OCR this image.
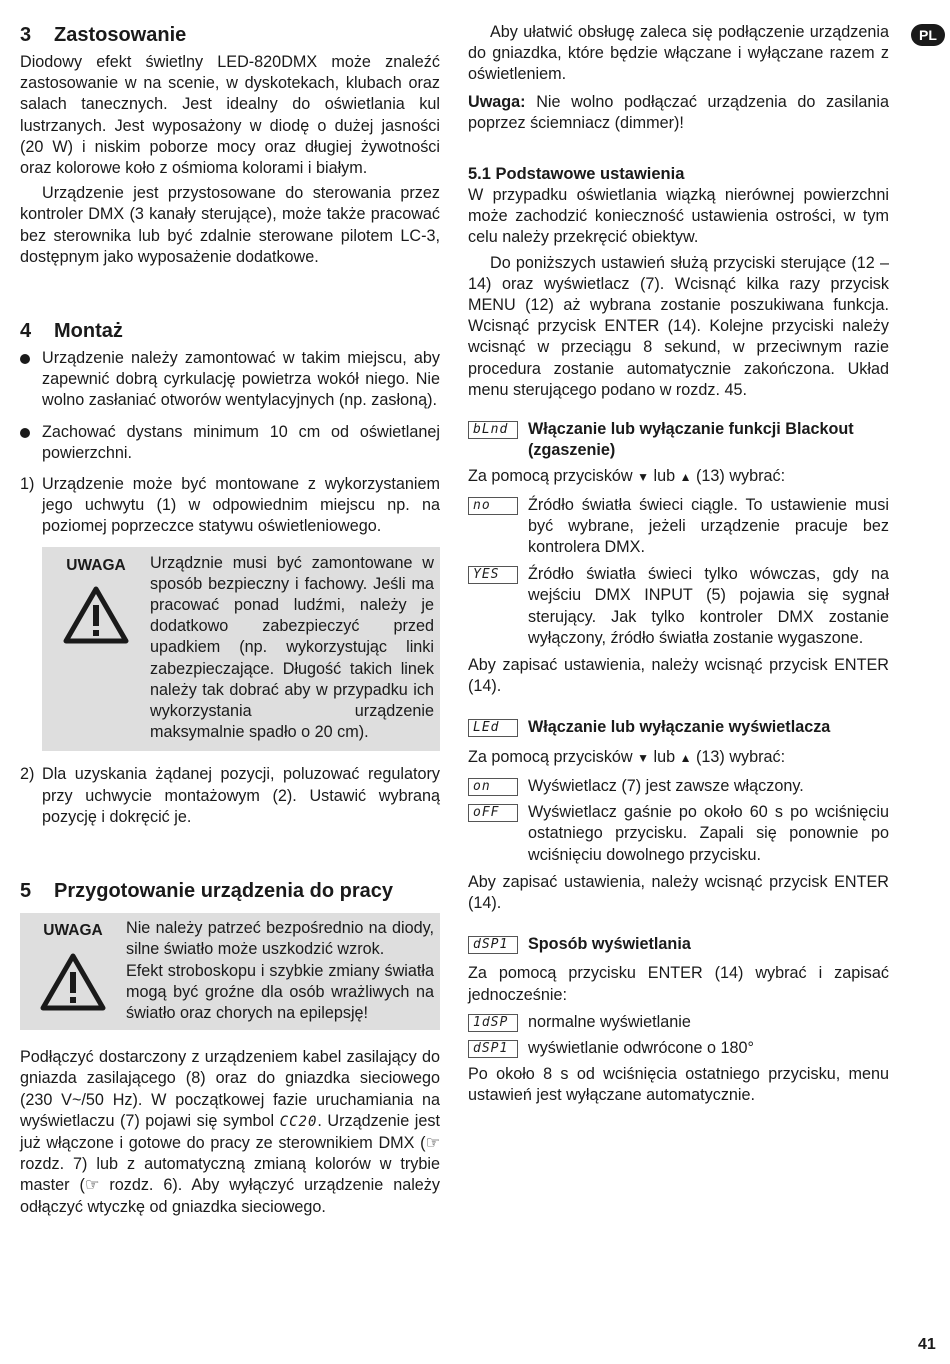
PL
41
3	Zastosowanie

Diodowy efekt świetlny LED-820DMX może znaleźć zastosowanie w na scenie, w dyskotekach, klubach oraz salach tanecznych. Jest idealny do oświetlania kul lustrzanych. Jest wyposażony w diodę o dużej jasności (20 W) i niskim poborze mocy oraz długiej żywotności oraz kolorowe koło z ośmioma kolorami i białym.

Urządzenie jest przystosowane do sterowania przez kontroler DMX (3 kanały sterujące), może także pracować bez sterownika lub być zdalnie sterowane pilotem LC-3, dostępnym jako wyposażenie dodatkowe.

4	Montaż
Urządzenie należy zamontować w takim miejscu, aby zapewnić dobrą cyrkulację powietrza wokół niego. Nie wolno zasłaniać otworów wentylacyjnych (np. zasłoną).
Zachować dystans minimum 10 cm od oświetlanej powierzchni.
1) Urządzenie może być montowane z wykorzystaniem jego uchwytu (1) w odpowiednim miejscu np. na poziomej poprzeczce statywu oświetleniowego.
UWAGA Urządznie musi być zamontowane w sposób bezpieczny i fachowy. Jeśli ma pracować ponad ludźmi, należy je dodatkowo zabezpieczyć przed upadkiem (np. wykorzystując linki zabezpieczające. Długość takich linek należy tak dobrać aby w przypadku ich wykorzystania urządzenie maksymalnie spadło o 20 cm).
2) Dla uzyskania żądanej pozycji, poluzować regulatory przy uchwycie montażowym (2). Ustawić wybraną pozycję i dokręcić je.
5	Przygotowanie urządzenia do pracy
UWAGA Nie należy patrzeć bezpośrednio na diody, silne światło może uszkodzić wzrok.

Efekt stroboskopu i szybkie zmiany światła mogą być groźne dla osób wrażliwych na światło oraz chorych na epilepsję!

Podłączyć dostarczony z urządzeniem kabel zasilający do gniazda zasilającego (8) oraz do gniazdka sieciowego (230 V~/50 Hz). W początkowej fazie uruchamiania na wyświetlaczu (7) pojawi się symbol CC20. Urządzenie jest już włączone i gotowe do pracy ze sterownikiem DMX (☞ rozdz. 7) lub z automatyczną zmianą kolorów w trybie master (☞ rozdz. 6). Aby wyłączyć urządzenie należy odłączyć wtyczkę od gniazdka sieciowego.

Aby ułatwić obsługę zaleca się podłączenie urządzenia do gniazdka, które będzie włączane i wyłączane razem z oświetleniem.

Uwaga: Nie wolno podłączać urządzenia do zasilania poprzez ściemniacz (dimmer)!

5.1 Podstawowe ustawienia

W przypadku oświetlania wiązką nierównej powierzchni może zachodzić konieczność ustawienia ostrości, w tym celu należy przekręcić obiektyw.

Do poniższych ustawień służą przyciski sterujące (12 – 14) oraz wyświetlacz (7). Wcisnąć kilka razy przycisk MENU (12) aż wybrana zostanie poszukiwana funkcja. Wcisnąć przycisk ENTER (14). Kolejne przyciski należy wcisnąć w przeciągu 8 sekund, w przeciwnym razie procedura zostanie automatycznie zakończona. Układ menu sterującego podano w rozdz. 45.

bLnd	Włączanie lub wyłączanie funkcji Blackout (zgaszenie)

Za pomocą przycisków ▼ lub ▲ (13) wybrać:

no	Źródło światła świeci ciągle. To ustawienie musi być wybrane, jeżeli urządzenie pracuje bez kontrolera DMX.
YES	Źródło światła świeci tylko wówczas, gdy na wejściu DMX INPUT (5) pojawia się sygnał sterujący. Jak tylko kontroler DMX zostanie wyłączony, źródło światła zostanie wygaszone.

Aby zapisać ustawienia, należy wcisnąć przycisk ENTER (14).

LEd	Włączanie lub wyłączanie wyświetlacza

Za pomocą przycisków ▼ lub ▲ (13) wybrać:

on	Wyświetlacz (7) jest zawsze włączony.
oFF	Wyświetlacz gaśnie po około 60 s po wciśnięciu ostatniego przycisku. Zapali się ponownie po wciśnięciu dowolnego przycisku.

Aby zapisać ustawienia, należy wcisnąć przycisk ENTER (14).

dSP1	Sposób wyświetlania

Za pomocą przycisku ENTER (14) wybrać i zapisać jednocześnie:

1dSP	normalne wyświetlanie
dSP1	wyświetlanie odwrócone o 180°

Po około 8 s od wciśnięcia ostatniego przycisku, menu ustawień jest wyłączane automatycznie.
